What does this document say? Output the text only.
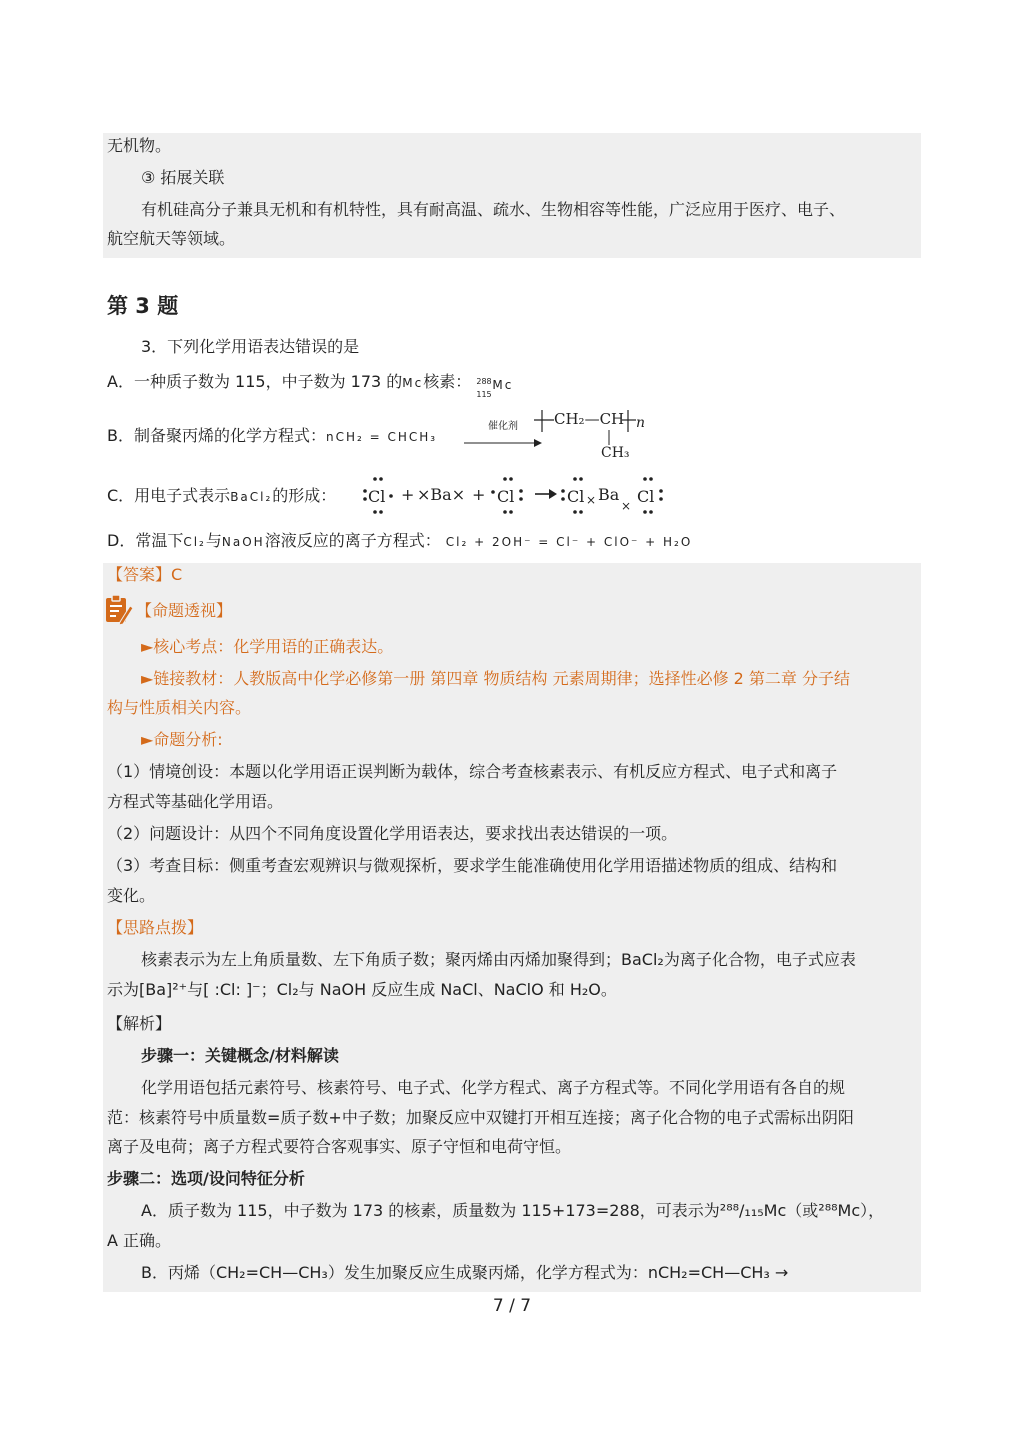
无机物。
③ 拓展关联
有机硅高分子兼具无机和有机特性，具有耐高温、疏水、生物相容等性能，广泛应用于医疗、电子、
航空航天等领域。
第 3 题
3．下列化学用语表达错误的是
A．一种质子数为 115，中子数为 173 的Mc核素： 288
115
Mc
B．制备聚丙烯的化学方程式：nCH₂ = CHCH₃
催化剂	CH₂—CH n
CH₃
C．用电子式表示BaCl₂的形成： Cl + ×Ba× + Cl	Cl × Ba
× Cl
D．常温下Cl₂与NaOH溶液反应的离子方程式： Cl₂ + 2OH⁻ = Cl⁻ + ClO⁻ + H₂O
【答案】C
【命题透视】
►核心考点：化学用语的正确表达。
►链接教材：人教版高中化学必修第一册 第四章 物质结构 元素周期律；选择性必修 2 第二章 分子结
构与性质相关内容。
►命题分析:
（1）情境创设：本题以化学用语正误判断为载体，综合考查核素表示、有机反应方程式、电子式和离子
方程式等基础化学用语。
（2）问题设计：从四个不同角度设置化学用语表达，要求找出表达错误的一项。
（3）考查目标：侧重考查宏观辨识与微观探析，要求学生能准确使用化学用语描述物质的组成、结构和
变化。
【思路点拨】
核素表示为左上角质量数、左下角质子数；聚丙烯由丙烯加聚得到；BaCl₂为离子化合物，电子式应表
示为[Ba]²⁺与[ :Cl: ]⁻；Cl₂与 NaOH 反应生成 NaCl、NaClO 和 H₂O。
【解析】
步骤一：关键概念/材料解读
化学用语包括元素符号、核素符号、电子式、化学方程式、离子方程式等。不同化学用语有各自的规
范：核素符号中质量数=质子数+中子数；加聚反应中双键打开相互连接；离子化合物的电子式需标出阴阳
离子及电荷；离子方程式要符合客观事实、原子守恒和电荷守恒。
步骤二：选项/设问特征分析
A．质子数为 115，中子数为 173 的核素，质量数为 115+173=288，可表示为²⁸⁸/₁₁₅Mc（或²⁸⁸Mc），
A 正确。
B．丙烯（CH₂=CH—CH₃）发生加聚反应生成聚丙烯，化学方程式为：nCH₂=CH—CH₃ →
7 / 7
